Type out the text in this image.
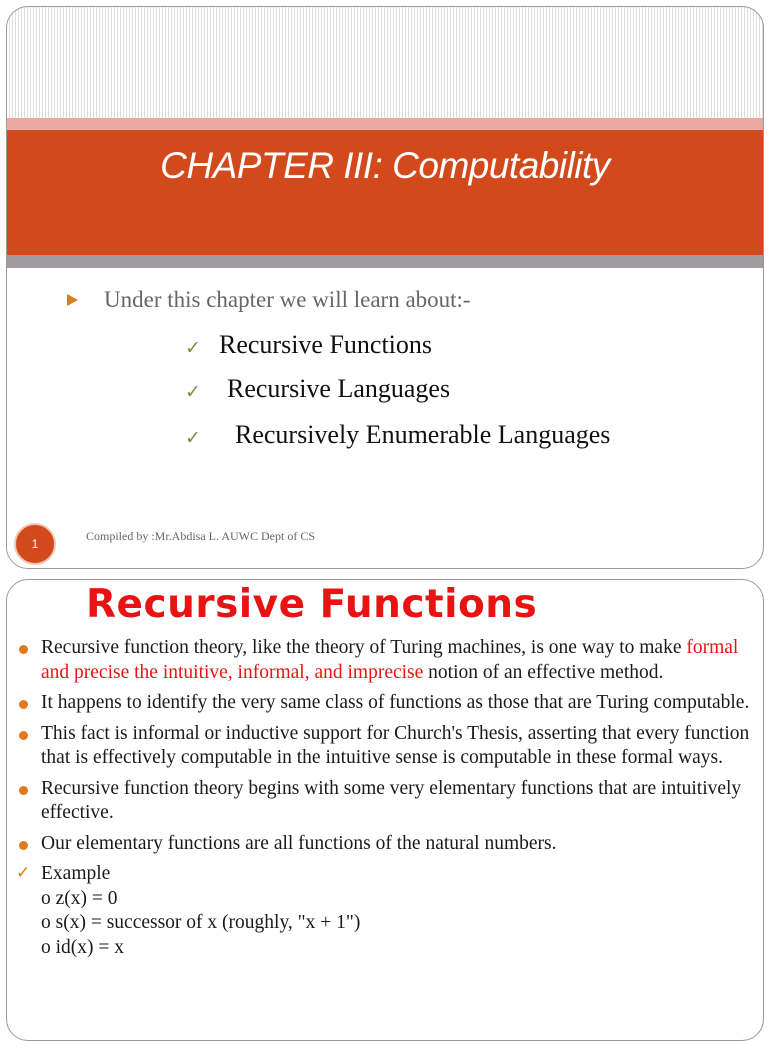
CHAPTER III: Computability
Under this chapter we will learn about:-
✓ Recursive Functions
✓ Recursive Languages
✓ Recursively Enumerable Languages
1
Compiled by :Mr.Abdisa L. AUWC Dept of CS
Recursive Functions
Recursive function theory, like the theory of Turing machines, is one way to make formal and precise the intuitive, informal, and imprecise notion of an effective method.
It happens to identify the very same class of functions as those that are Turing computable.
This fact is informal or inductive support for Church's Thesis, asserting that every function that is effectively computable in the intuitive sense is computable in these formal ways.
Recursive function theory begins with some very elementary functions that are intuitively effective.
Our elementary functions are all functions of the natural numbers.
✓ Example
o z(x) = 0
o s(x) = successor of x (roughly, "x + 1")
o id(x) = x
